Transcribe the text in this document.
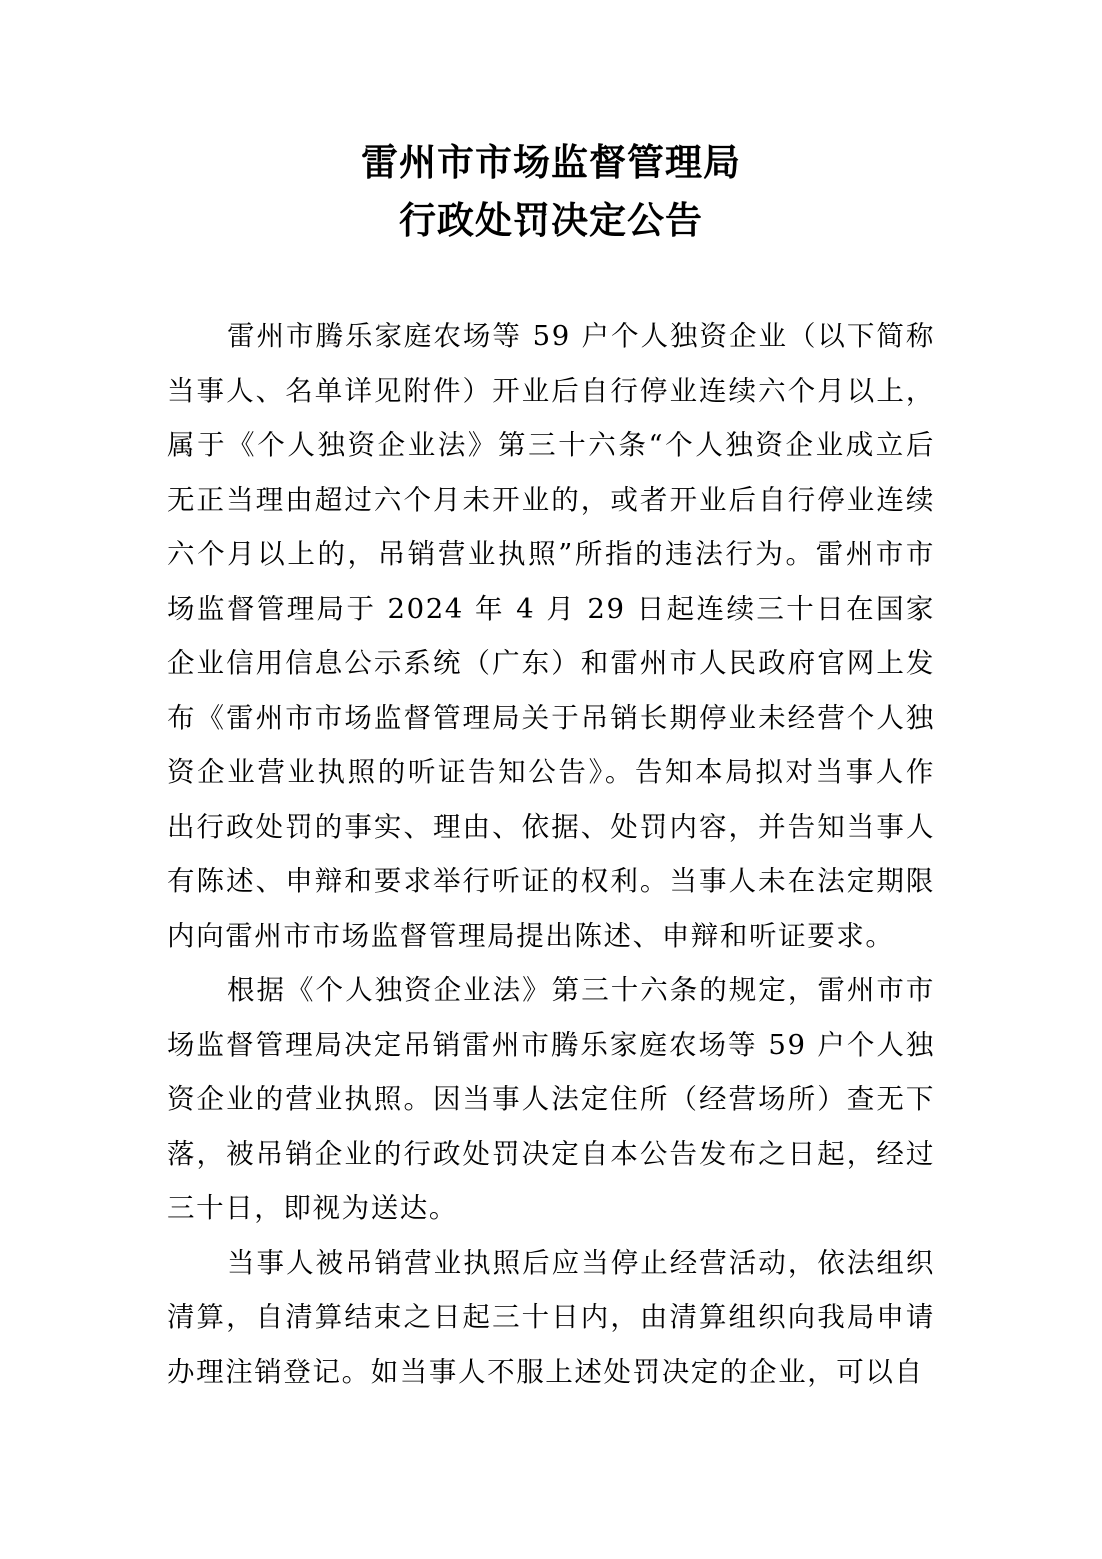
雷州市市场监督管理局
行政处罚决定公告

雷州市腾乐家庭农场等 59 户个人独资企业（以下简称当事人、名单详见附件）开业后自行停业连续六个月以上，属于《个人独资企业法》第三十六条“个人独资企业成立后无正当理由超过六个月未开业的，或者开业后自行停业连续六个月以上的，吊销营业执照”所指的违法行为。雷州市市场监督管理局于 2024 年 4 月 29 日起连续三十日在国家企业信用信息公示系统（广东）和雷州市人民政府官网上发布《雷州市市场监督管理局关于吊销长期停业未经营个人独资企业营业执照的听证告知公告》。告知本局拟对当事人作出行政处罚的事实、理由、依据、处罚内容，并告知当事人有陈述、申辩和要求举行听证的权利。当事人未在法定期限内向雷州市市场监督管理局提出陈述、申辩和听证要求。

根据《个人独资企业法》第三十六条的规定，雷州市市场监督管理局决定吊销雷州市腾乐家庭农场等 59 户个人独资企业的营业执照。因当事人法定住所（经营场所）查无下落，被吊销企业的行政处罚决定自本公告发布之日起，经过三十日，即视为送达。

当事人被吊销营业执照后应当停止经营活动，依法组织清算，自清算结束之日起三十日内，由清算组织向我局申请办理注销登记。如当事人不服上述处罚决定的企业，可以自
